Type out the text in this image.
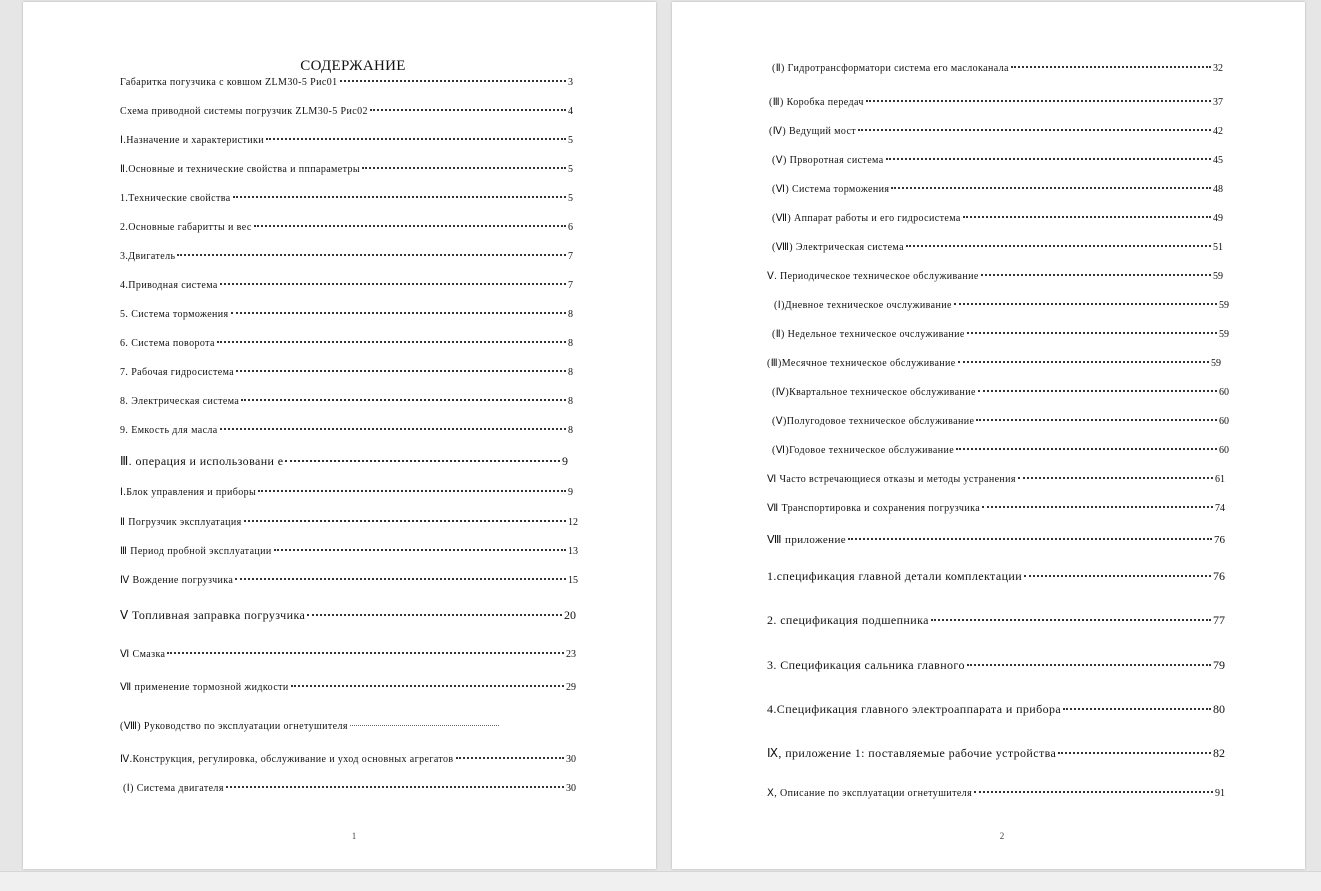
СОДЕРЖАНИЕ
Габаритка погузчика с ковшом ZLM30-5 Рис01	3
Схема приводной системы погрузчик ZLM30-5 Рис02	4
Ⅰ.Назначение и характеристики	5
Ⅱ.Основные и технические свойства и пппараметры	5
1.Технические свойства	5
2.Основные габаритты и вес	6
3.Двигатель	7
4.Приводная система	7
5. Система торможения	8
6. Система поворота	8
7. Рабочая гидросистема	8
8. Электрическая система	8
9. Емкость для масла	8
Ⅲ. операция и использовани е	9
Ⅰ.Блок управления и приборы	9
Ⅱ Погрузчик эксплуатация	12
Ⅲ Период пробной эксплуатации	13
Ⅳ Вождение погрузчика	15
Ⅴ Топливная заправка погрузчика	20
Ⅵ Смазка	23
Ⅶ применение тормозной жидкости	29
(Ⅷ) Руководство по эксплуатации огнетушителя
Ⅳ.Конструкция, регулировка, обслуживание и уход основных агрегатов	30
(Ⅰ) Система двигателя	30
1
(Ⅱ) Гидротрансформатори система его маслоканала	32
(Ⅲ) Коробка передач	37
(Ⅳ) Ведущий мост	42
(Ⅴ) Прворотная система	45
(Ⅵ) Система торможения	48
(Ⅶ) Аппарат работы и его гидросистема	49
(Ⅷ) Электрическая система	51
Ⅴ. Периодическое техническое обслуживание	59
(Ⅰ)Дневное техническое очслуживание	59
(Ⅱ) Недельное техническое очслуживание	59
(Ⅲ)Месячное техническое обслуживание	59
(Ⅳ)Квартальное техническое обслуживание	60
(Ⅴ)Полугодовое техническое обслуживание	60
(Ⅵ)Годовое техническое обслуживание	60
Ⅵ Часто встречающиеся отказы и методы устранения	61
Ⅶ Транспортировка и сохранения погрузчика	74
Ⅷ приложение	76
1.спецификация главной детали комплектации	76
2. спецификация подшепника	77
3. Спецификация сальника главного	79
4.Спецификация главного электроаппарата и прибора	80
Ⅸ, приложение 1: поставляемые рабочие устройства	82
Ⅹ, Описание по эксплуатации огнетушителя	91
2
